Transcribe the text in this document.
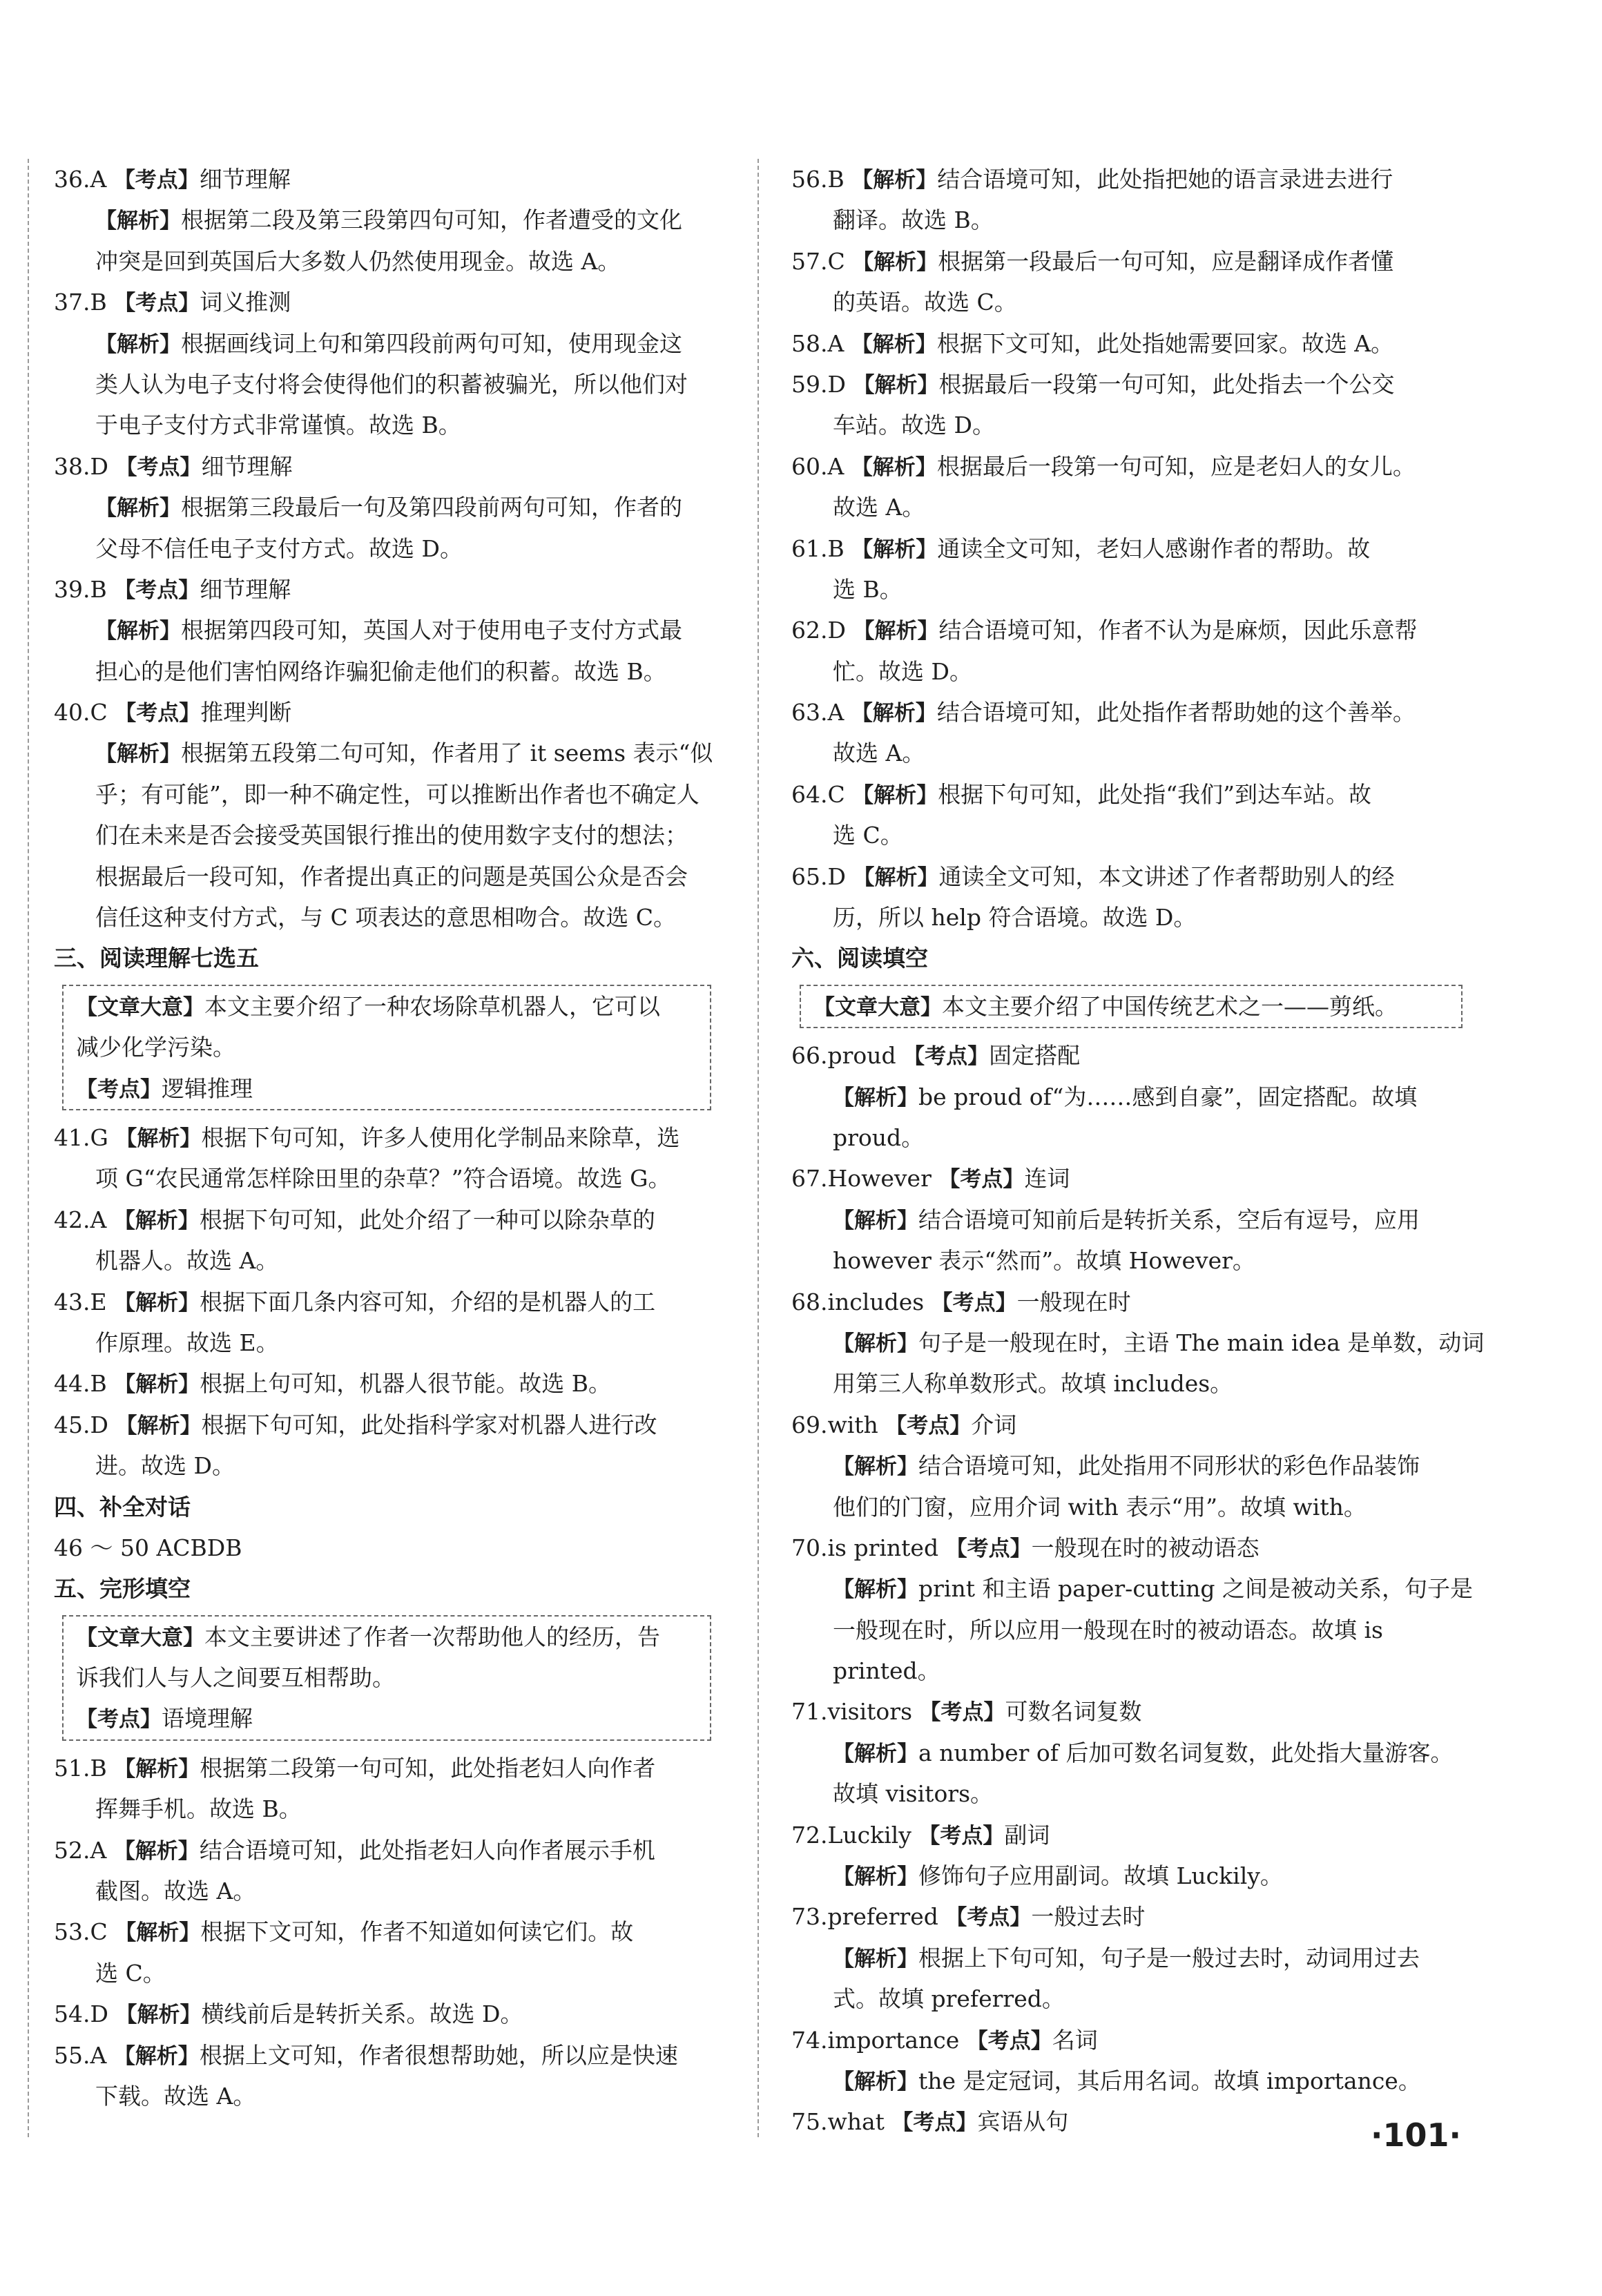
36.A 【考点】细节理解
【解析】根据第二段及第三段第四句可知，作者遭受的文化
冲突是回到英国后大多数人仍然使用现金。故选 A。
37.B 【考点】词义推测
【解析】根据画线词上句和第四段前两句可知，使用现金这
类人认为电子支付将会使得他们的积蓄被骗光，所以他们对
于电子支付方式非常谨慎。故选 B。
38.D 【考点】细节理解
【解析】根据第三段最后一句及第四段前两句可知，作者的
父母不信任电子支付方式。故选 D。
39.B 【考点】细节理解
【解析】根据第四段可知，英国人对于使用电子支付方式最
担心的是他们害怕网络诈骗犯偷走他们的积蓄。故选 B。
40.C 【考点】推理判断
【解析】根据第五段第二句可知，作者用了 it seems 表示“似
乎；有可能”，即一种不确定性，可以推断出作者也不确定人
们在未来是否会接受英国银行推出的使用数字支付的想法；
根据最后一段可知，作者提出真正的问题是英国公众是否会
信任这种支付方式，与 C 项表达的意思相吻合。故选 C。
三、阅读理解七选五
【文章大意】本文主要介绍了一种农场除草机器人，它可以
减少化学污染。
【考点】逻辑推理
41.G 【解析】根据下句可知，许多人使用化学制品来除草，选
项 G“农民通常怎样除田里的杂草？”符合语境。故选 G。
42.A 【解析】根据下句可知，此处介绍了一种可以除杂草的
机器人。故选 A。
43.E 【解析】根据下面几条内容可知，介绍的是机器人的工
作原理。故选 E。
44.B 【解析】根据上句可知，机器人很节能。故选 B。
45.D 【解析】根据下句可知，此处指科学家对机器人进行改
进。故选 D。
四、补全对话
46 ～ 50 ACBDB
五、完形填空
【文章大意】本文主要讲述了作者一次帮助他人的经历，告
诉我们人与人之间要互相帮助。
【考点】语境理解
51.B 【解析】根据第二段第一句可知，此处指老妇人向作者
挥舞手机。故选 B。
52.A 【解析】结合语境可知，此处指老妇人向作者展示手机
截图。故选 A。
53.C 【解析】根据下文可知，作者不知道如何读它们。故
选 C。
54.D 【解析】横线前后是转折关系。故选 D。
55.A 【解析】根据上文可知，作者很想帮助她，所以应是快速
下载。故选 A。
56.B 【解析】结合语境可知，此处指把她的语言录进去进行
翻译。故选 B。
57.C 【解析】根据第一段最后一句可知，应是翻译成作者懂
的英语。故选 C。
58.A 【解析】根据下文可知，此处指她需要回家。故选 A。
59.D 【解析】根据最后一段第一句可知，此处指去一个公交
车站。故选 D。
60.A 【解析】根据最后一段第一句可知，应是老妇人的女儿。
故选 A。
61.B 【解析】通读全文可知，老妇人感谢作者的帮助。故
选 B。
62.D 【解析】结合语境可知，作者不认为是麻烦，因此乐意帮
忙。故选 D。
63.A 【解析】结合语境可知，此处指作者帮助她的这个善举。
故选 A。
64.C 【解析】根据下句可知，此处指“我们”到达车站。故
选 C。
65.D 【解析】通读全文可知，本文讲述了作者帮助别人的经
历，所以 help 符合语境。故选 D。
六、阅读填空
【文章大意】本文主要介绍了中国传统艺术之一——剪纸。
66.proud 【考点】固定搭配
【解析】be proud of“为……感到自豪”，固定搭配。故填
proud。
67.However 【考点】连词
【解析】结合语境可知前后是转折关系，空后有逗号，应用
however 表示“然而”。故填 However。
68.includes 【考点】一般现在时
【解析】句子是一般现在时，主语 The main idea 是单数，动词
用第三人称单数形式。故填 includes。
69.with 【考点】介词
【解析】结合语境可知，此处指用不同形状的彩色作品装饰
他们的门窗，应用介词 with 表示“用”。故填 with。
70.is printed 【考点】一般现在时的被动语态
【解析】print 和主语 paper-cutting 之间是被动关系，句子是
一般现在时，所以应用一般现在时的被动语态。故填 is
printed。
71.visitors 【考点】可数名词复数
【解析】a number of 后加可数名词复数，此处指大量游客。
故填 visitors。
72.Luckily 【考点】副词
【解析】修饰句子应用副词。故填 Luckily。
73.preferred 【考点】一般过去时
【解析】根据上下句可知，句子是一般过去时，动词用过去
式。故填 preferred。
74.importance 【考点】名词
【解析】the 是定冠词，其后用名词。故填 importance。
75.what 【考点】宾语从句	·101·
